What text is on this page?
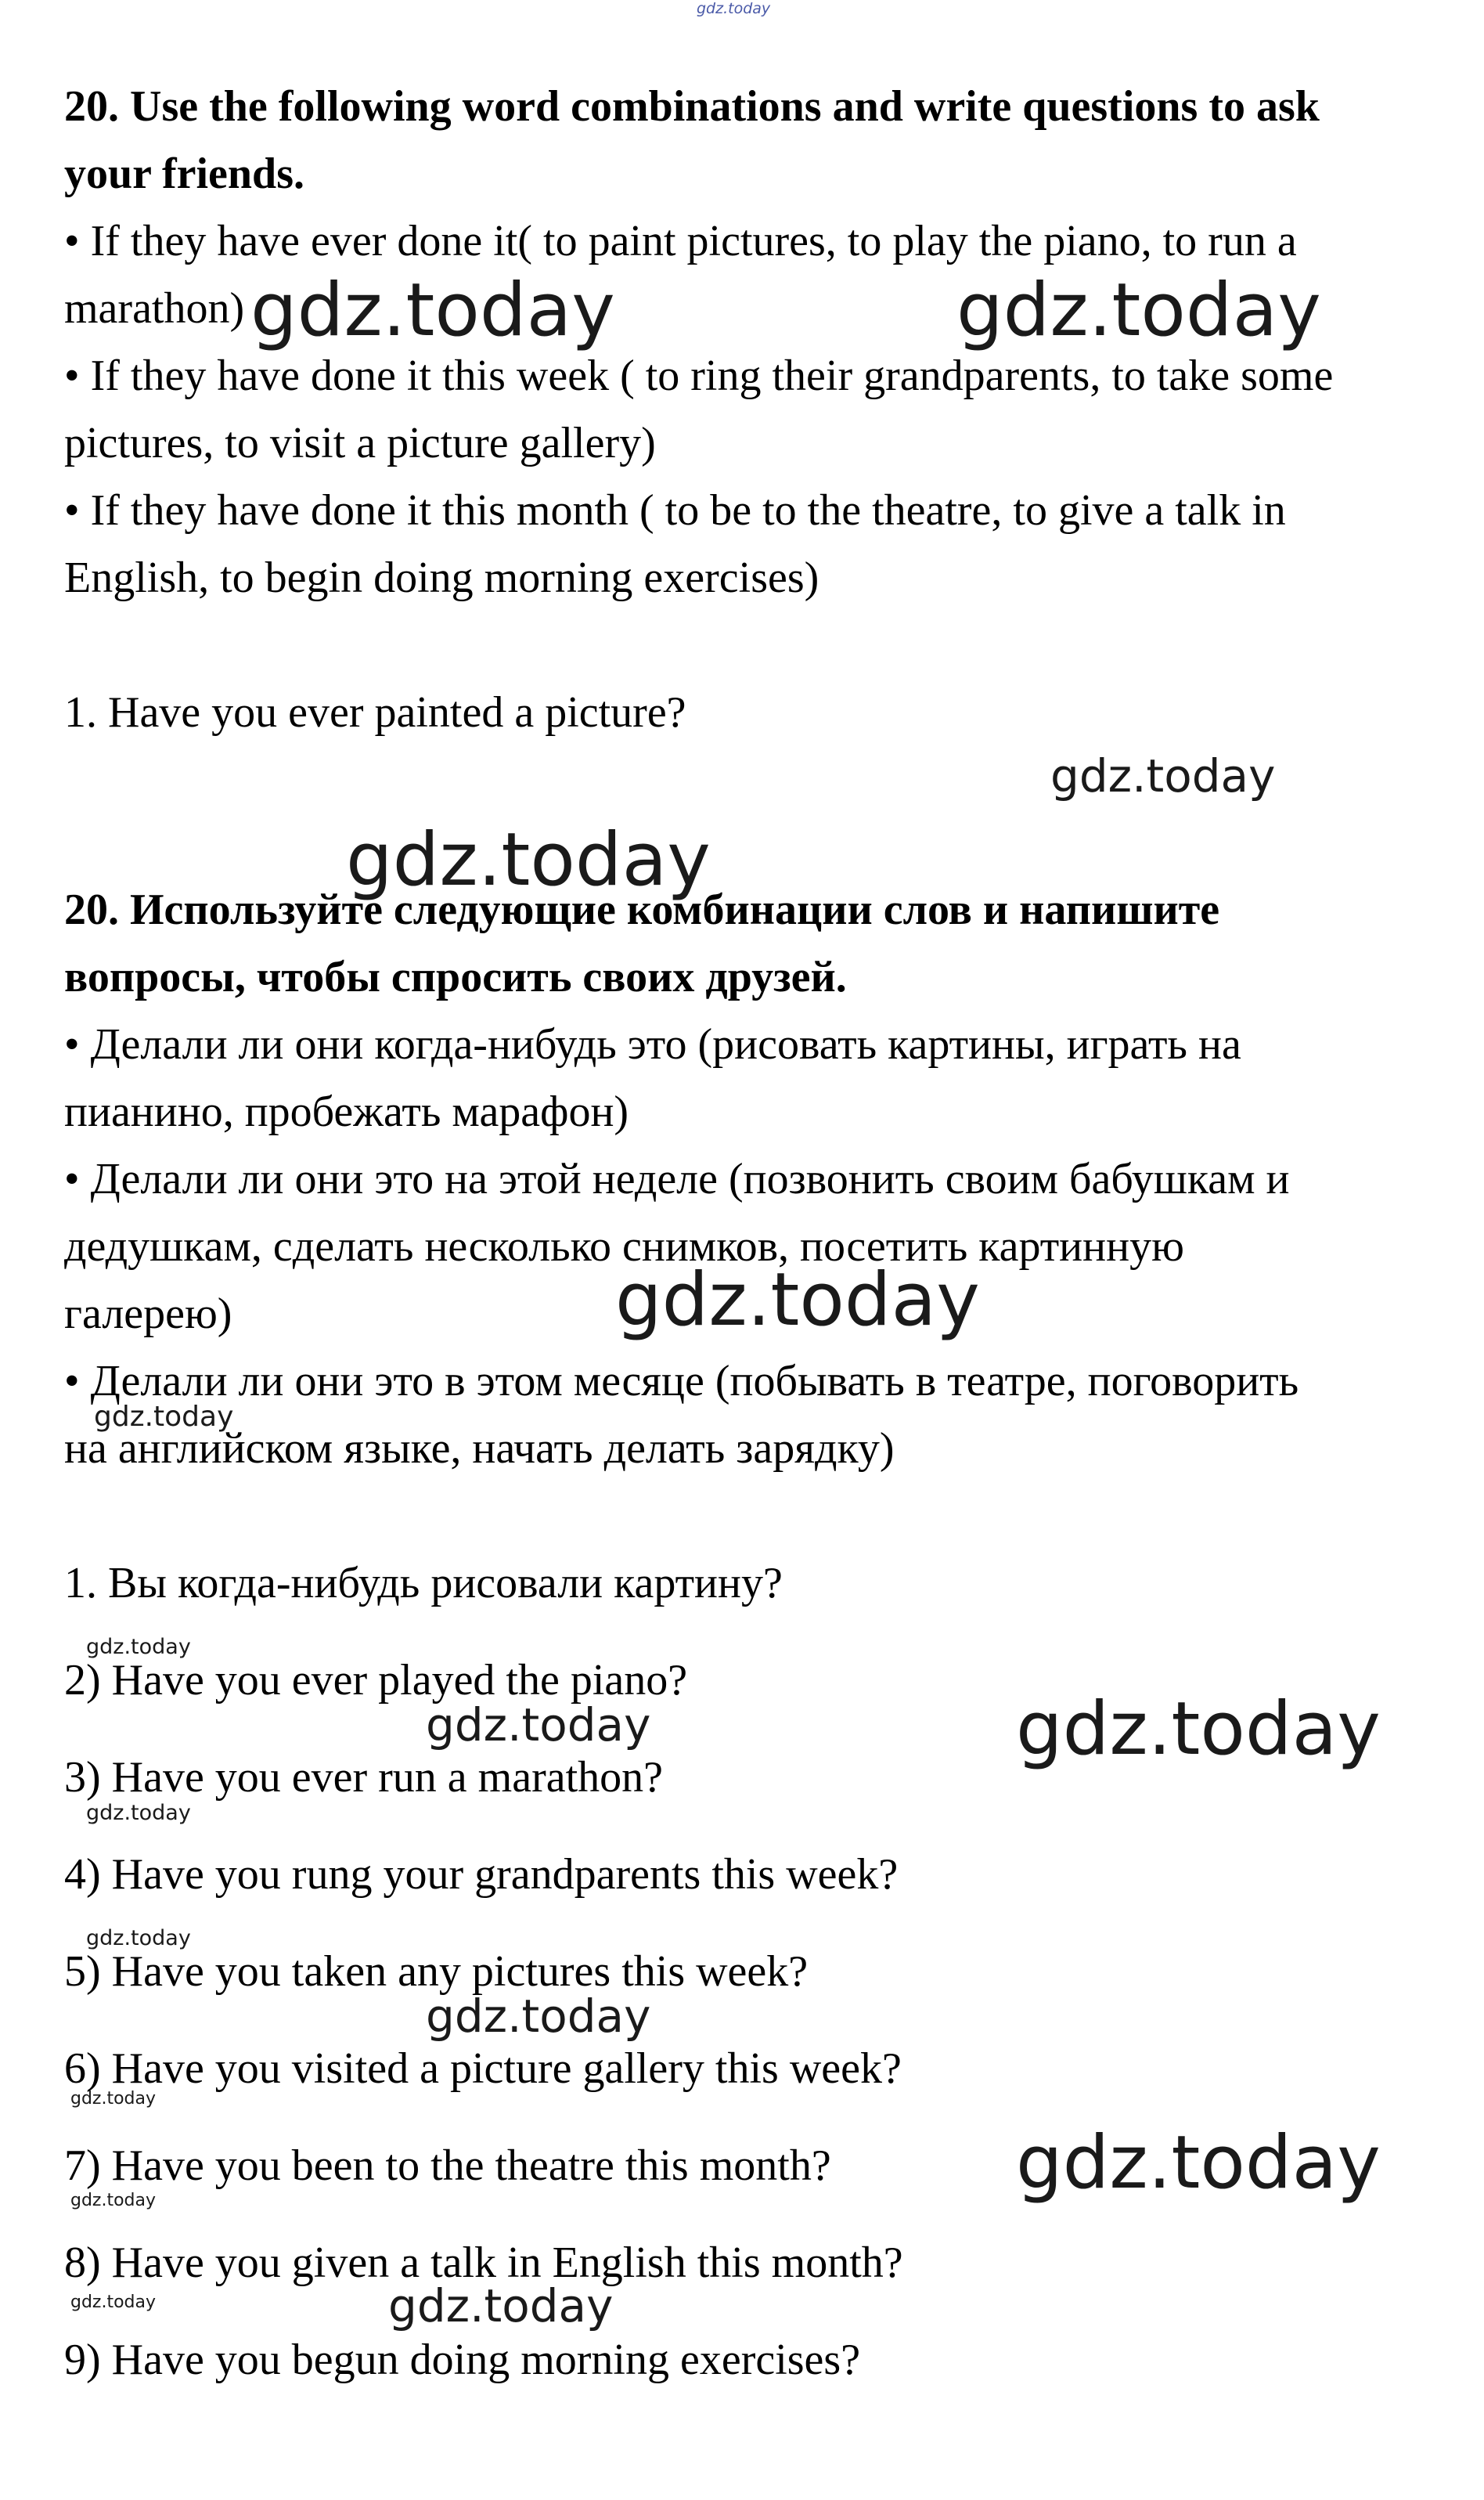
20. Use the following word combinations and write questions to ask
your friends.
• If they have ever done it( to paint pictures, to play the piano, to run a
marathon)
• If they have done it this week ( to ring their grandparents, to take some
pictures, to visit a picture gallery)
• If they have done it this month ( to be to the theatre, to give a talk in
English, to begin doing morning exercises)
1. Have you ever painted a picture?
20. Используйте следующие комбинации слов и напишите
вопросы, чтобы спросить своих друзей.
• Делали ли они когда-нибудь это (рисовать картины, играть на
пианино, пробежать марафон)
• Делали ли они это на этой неделе (позвонить своим бабушкам и
дедушкам, сделать несколько снимков, посетить картинную
галерею)
• Делали ли они это в этом месяце (побывать в театре, поговорить
на английском языке, начать делать зарядку)
1. Вы когда-нибудь рисовали картину?
2) Have you ever played the piano?
3) Have you ever run a marathon?
4) Have you rung your grandparents this week?
5) Have you taken any pictures this week?
6) Have you visited a picture gallery this week?
7) Have you been to the theatre this month?
8) Have you given a talk in English this month?
9) Have you begun doing morning exercises?
gdz.today
gdz.today	gdz.today
gdz.today
gdz.today
gdz.today
gdz.today
gdz.today
gdz.today	gdz.today
gdz.today
gdz.today
gdz.today
gdz.today
gdz.today
gdz.today
gdz.today	gdz.today
